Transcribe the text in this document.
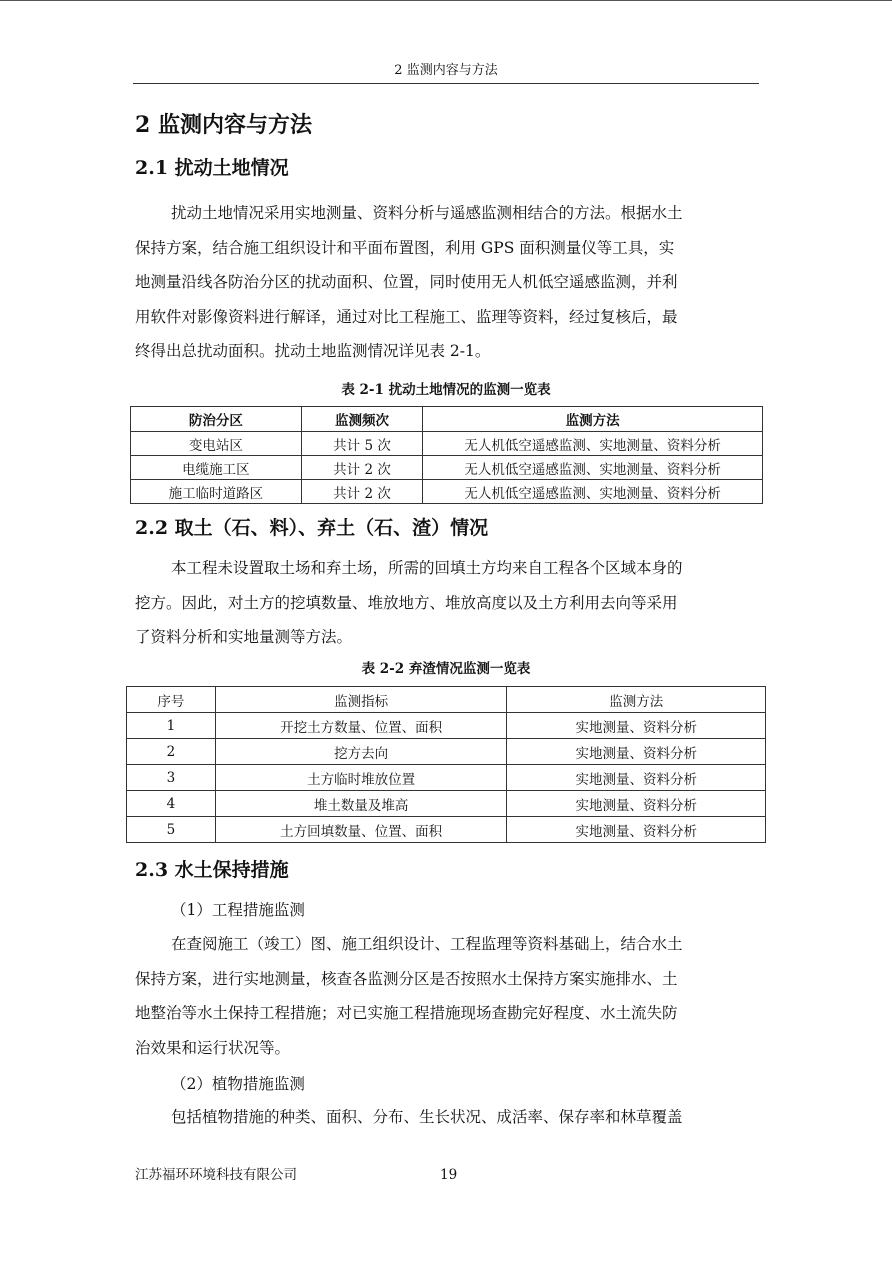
2 监测内容与方法
2 监测内容与方法
2.1 扰动土地情况
扰动土地情况采用实地测量、资料分析与遥感监测相结合的方法。根据水土
保持方案，结合施工组织设计和平面布置图，利用 GPS 面积测量仪等工具，实
地测量沿线各防治分区的扰动面积、位置，同时使用无人机低空遥感监测，并利
用软件对影像资料进行解译，通过对比工程施工、监理等资料，经过复核后，最
终得出总扰动面积。扰动土地监测情况详见表 2-1。
表 2-1 扰动土地情况的监测一览表
防治分区	监测频次	监测方法
变电站区	共计 5 次	无人机低空遥感监测、实地测量、资料分析
电缆施工区	共计 2 次	无人机低空遥感监测、实地测量、资料分析
施工临时道路区	共计 2 次	无人机低空遥感监测、实地测量、资料分析
2.2 取土（石、料）、弃土（石、渣）情况
本工程未设置取土场和弃土场，所需的回填土方均来自工程各个区域本身的
挖方。因此，对土方的挖填数量、堆放地方、堆放高度以及土方利用去向等采用
了资料分析和实地量测等方法。
表 2-2 弃渣情况监测一览表
序号	监测指标	监测方法
1	开挖土方数量、位置、面积	实地测量、资料分析
2	挖方去向	实地测量、资料分析
3	土方临时堆放位置	实地测量、资料分析
4	堆土数量及堆高	实地测量、资料分析
5	土方回填数量、位置、面积	实地测量、资料分析
2.3 水土保持措施
（1）工程措施监测
在查阅施工（竣工）图、施工组织设计、工程监理等资料基础上，结合水土
保持方案，进行实地测量，核查各监测分区是否按照水土保持方案实施排水、土
地整治等水土保持工程措施；对已实施工程措施现场查勘完好程度、水土流失防
治效果和运行状况等。
（2）植物措施监测
包括植物措施的种类、面积、分布、生长状况、成活率、保存率和林草覆盖
江苏福环环境科技有限公司	19
